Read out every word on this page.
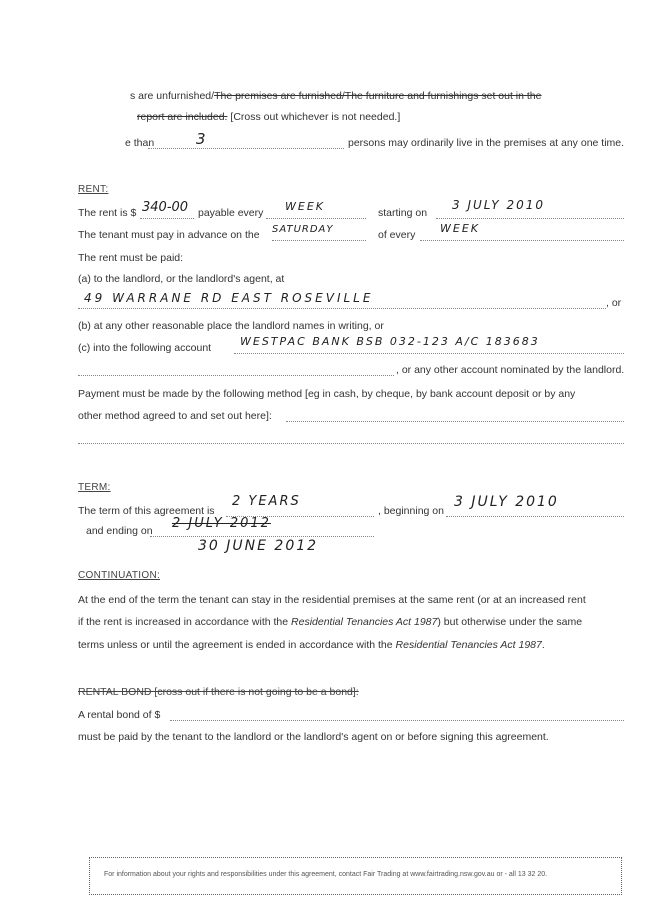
s are unfurnished/The premises are furnished/The furniture and furnishings set out in the
report are included. [Cross out whichever is not needed.]
e than	3	persons may ordinarily live in the premises at any one time.
RENT:
The rent is $ 340-00 payable every WEEK	starting on
3 JULY 2010
The tenant must pay in advance on the SATURDAY	of every WEEK
The rent must be paid:
(a) to the landlord, or the landlord's agent, at
49 WARRANE RD EAST ROSEVILLE	, or
(b) at any other reasonable place the landlord names in writing, or
(c) into the following account	WESTPAC BANK BSB 032-123 A/C 183683
, or any other account nominated by the landlord.
Payment must be made by the following method [eg in cash, by cheque, by bank account deposit or by any
other method agreed to and set out here]:
TERM:
The term of this agreement is
2 YEARS
, beginning on
3 JULY 2010
and ending on 2 JULY 2012
30 JUNE 2012
CONTINUATION:
At the end of the term the tenant can stay in the residential premises at the same rent (or at an increased rent
if the rent is increased in accordance with the Residential Tenancies Act 1987) but otherwise under the same
terms unless or until the agreement is ended in accordance with the Residential Tenancies Act 1987.
RENTAL BOND [cross out if there is not going to be a bond]:
A rental bond of $
must be paid by the tenant to the landlord or the landlord's agent on or before signing this agreement.
For information about your rights and responsibilities under this agreement, contact Fair Trading at www.fairtrading.nsw.gov.au or - all 13 32 20.
